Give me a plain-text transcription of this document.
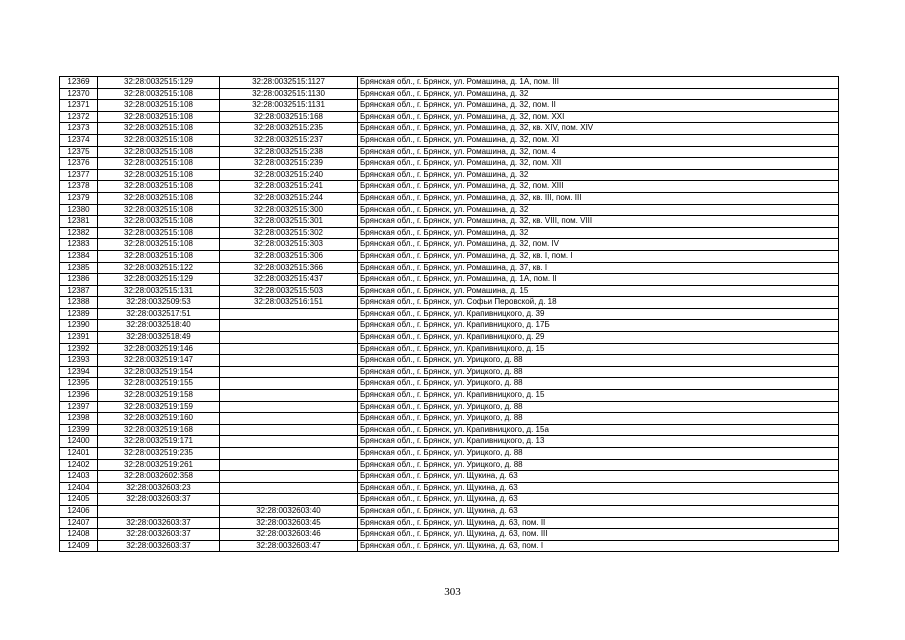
12369	32:28:0032515:129	32:28:0032515:1127	Брянская обл., г. Брянск, ул. Ромашина, д. 1А, пом. III
12370	32:28:0032515:108	32:28:0032515:1130	Брянская обл., г. Брянск, ул. Ромашина, д. 32
12371	32:28:0032515:108	32:28:0032515:1131	Брянская обл., г. Брянск, ул. Ромашина, д. 32, пом. II
12372	32:28:0032515:108	32:28:0032515:168	Брянская обл., г. Брянск, ул. Ромашина, д. 32, пом. XXI
12373	32:28:0032515:108	32:28:0032515:235	Брянская обл., г. Брянск, ул. Ромашина, д. 32, кв. XIV, пом. XIV
12374	32:28:0032515:108	32:28:0032515:237	Брянская обл., г. Брянск, ул. Ромашина, д. 32, пом. XI
12375	32:28:0032515:108	32:28:0032515:238	Брянская обл., г. Брянск, ул. Ромашина, д. 32, пом. 4
12376	32:28:0032515:108	32:28:0032515:239	Брянская обл., г. Брянск, ул. Ромашина, д. 32, пом. XII
12377	32:28:0032515:108	32:28:0032515:240	Брянская обл., г. Брянск, ул. Ромашина, д. 32
12378	32:28:0032515:108	32:28:0032515:241	Брянская обл., г. Брянск, ул. Ромашина, д. 32, пом. XIII
12379	32:28:0032515:108	32:28:0032515:244	Брянская обл., г. Брянск, ул. Ромашина, д. 32, кв. III, пом. III
12380	32:28:0032515:108	32:28:0032515:300	Брянская обл., г. Брянск, ул. Ромашина, д. 32
12381	32:28:0032515:108	32:28:0032515:301	Брянская обл., г. Брянск, ул. Ромашина, д. 32, кв. VIII, пом. VIII
12382	32:28:0032515:108	32:28:0032515:302	Брянская обл., г. Брянск, ул. Ромашина, д. 32
12383	32:28:0032515:108	32:28:0032515:303	Брянская обл., г. Брянск, ул. Ромашина, д. 32, пом. IV
12384	32:28:0032515:108	32:28:0032515:306	Брянская обл., г. Брянск, ул. Ромашина, д. 32, кв. I, пом. I
12385	32:28:0032515:122	32:28:0032515:366	Брянская обл., г. Брянск, ул. Ромашина, д. 37, кв. I
12386	32:28:0032515:129	32:28:0032515:437	Брянская обл., г. Брянск, ул. Ромашина, д. 1А, пом. II
12387	32:28:0032515:131	32:28:0032515:503	Брянская обл., г. Брянск, ул. Ромашина, д. 15
12388	32:28:0032509:53	32:28:0032516:151	Брянская обл., г. Брянск, ул. Софьи Перовской, д. 18
12389	32:28:0032517:51		Брянская обл., г. Брянск, ул. Крапивницкого, д. 39
12390	32:28:0032518:40		Брянская обл., г. Брянск, ул. Крапивницкого, д. 17Б
12391	32:28:0032518:49		Брянская обл., г. Брянск, ул. Крапивницкого, д. 29
12392	32:28:0032519:146		Брянская обл., г. Брянск, ул. Крапивницкого, д. 15
12393	32:28:0032519:147		Брянская обл., г. Брянск, ул. Урицкого, д. 88
12394	32:28:0032519:154		Брянская обл., г. Брянск, ул. Урицкого, д. 88
12395	32:28:0032519:155		Брянская обл., г. Брянск, ул. Урицкого, д. 88
12396	32:28:0032519:158		Брянская обл., г. Брянск, ул. Крапивницкого, д. 15
12397	32:28:0032519:159		Брянская обл., г. Брянск, ул. Урицкого, д. 88
12398	32:28:0032519:160		Брянская обл., г. Брянск, ул. Урицкого, д. 88
12399	32:28:0032519:168		Брянская обл., г. Брянск, ул. Крапивницкого, д. 15а
12400	32:28:0032519:171		Брянская обл., г. Брянск, ул. Крапивницкого, д. 13
12401	32:28:0032519:235		Брянская обл., г. Брянск, ул. Урицкого, д. 88
12402	32:28:0032519:261		Брянская обл., г. Брянск, ул. Урицкого, д. 88
12403	32:28:0032602:358		Брянская обл., г. Брянск, ул. Щукина, д. 63
12404	32:28:0032603:23		Брянская обл., г. Брянск, ул. Щукина, д. 63
12405	32:28:0032603:37		Брянская обл., г. Брянск, ул. Щукина, д. 63
12406		32:28:0032603:40	Брянская обл., г. Брянск, ул. Щукина, д. 63
12407	32:28:0032603:37	32:28:0032603:45	Брянская обл., г. Брянск, ул. Щукина, д. 63, пом. II
12408	32:28:0032603:37	32:28:0032603:46	Брянская обл., г. Брянск, ул. Щукина, д. 63, пом. III
12409	32:28:0032603:37	32:28:0032603:47	Брянская обл., г. Брянск, ул. Щукина, д. 63, пом. I
303
